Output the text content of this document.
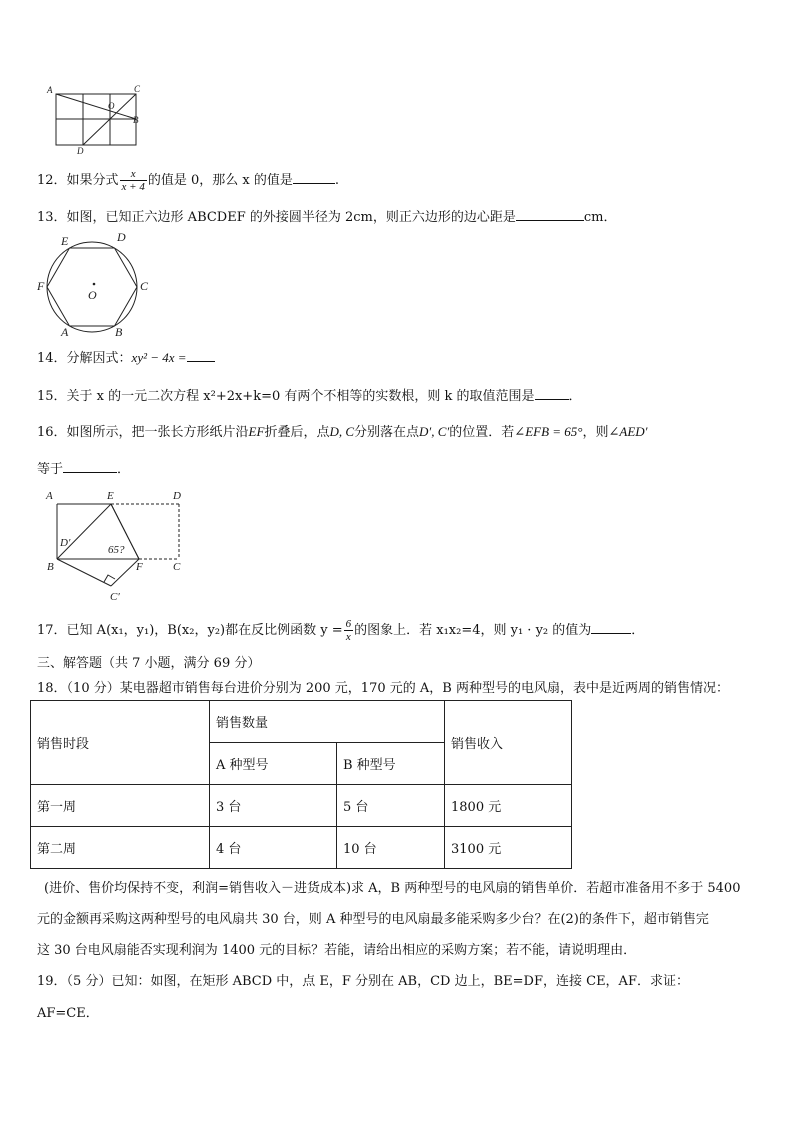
A	C
O
B
D
12．如果分式 $\frac{x}{x + 4}$ 的值是 0，那么 x 的值是	.
13．如图，已知正六边形 ABCDEF 的外接圆半径为 2cm，则正六边形的边心距是	cm．
E	D
F
O
C
A	B
14．分解因式：xy² − 4x =
15．关于 x 的一元二次方程 x²+2x+k=0 有两个不相等的实数根，则 k 的取值范围是	．
16．如图所示，把一张长方形纸片沿EF折叠后，点D, C分别落在点D′, C′的位置．若∠EFB = 65°，则∠AED′
等于	．
A	E	D
D′
65?
B	F	C
C′
17．已知 A(x₁，y₁)，B(x₂，y₂)都在反比例函数 $y = \frac{6}{x}$ 的图象上．若 x₁x₂=4，则 y₁ · y₂ 的值为	．
三、解答题（共 7 小题，满分 69 分）
18．（10 分）某电器超市销售每台进价分别为 200 元，170 元的 A，B 两种型号的电风扇，表中是近两周的销售情况：
销售时段	销售数量		销售收入
	A 种型号	B 种型号	
第一周	3 台	5 台	1800 元
第二周	4 台	10 台	3100 元
(进价、售价均保持不变，利润=销售收入－进货成本)求 A，B 两种型号的电风扇的销售单价．若超市准备用不多于 5400
元的金额再采购这两种型号的电风扇共 30 台，则 A 种型号的电风扇最多能采购多少台？在(2)的条件下，超市销售完
这 30 台电风扇能否实现利润为 1400 元的目标？若能，请给出相应的采购方案；若不能，请说明理由．
19．（5 分）已知：如图，在矩形 ABCD 中，点 E，F 分别在 AB，CD 边上，BE=DF，连接 CE，AF．求证：
AF=CE．
